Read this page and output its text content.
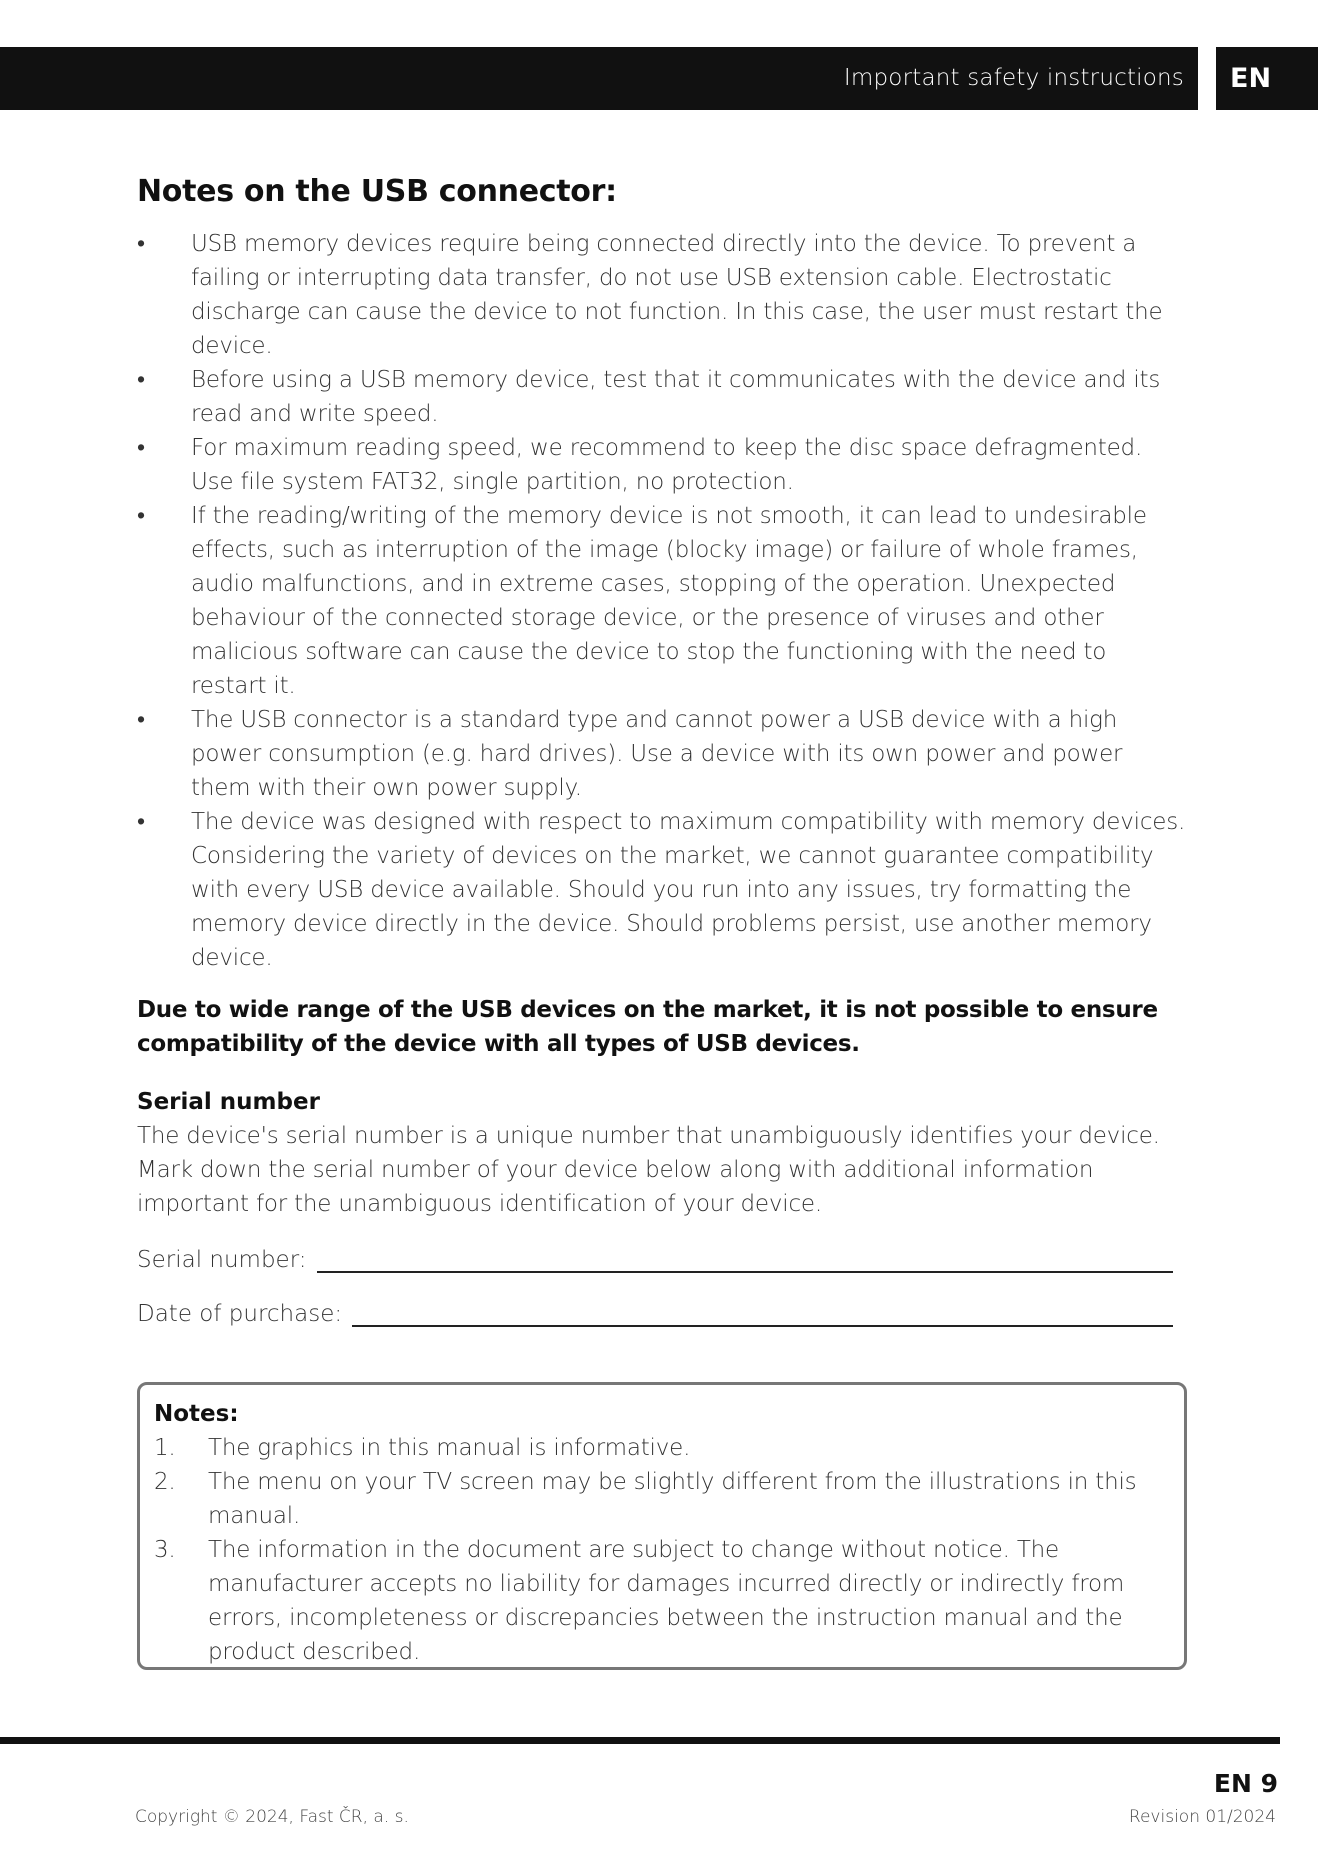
Important safety instructions EN
Notes on the USB connector:
•	USB memory devices require being connected directly into the device. To prevent a failing or interrupting data transfer, do not use USB extension cable. Electrostatic discharge can cause the device to not function. In this case, the user must restart the device.
•	Before using a USB memory device, test that it communicates with the device and its read and write speed.
•	For maximum reading speed, we recommend to keep the disc space defragmented. Use file system FAT32, single partition, no protection.
•	If the reading/writing of the memory device is not smooth, it can lead to undesirable effects, such as interruption of the image (blocky image) or failure of whole frames, audio malfunctions, and in extreme cases, stopping of the operation. Unexpected behaviour of the connected storage device, or the presence of viruses and other malicious software can cause the device to stop the functioning with the need to restart it.
•	The USB connector is a standard type and cannot power a USB device with a high power consumption (e.g. hard drives). Use a device with its own power and power them with their own power supply.
•	The device was designed with respect to maximum compatibility with memory devices. Considering the variety of devices on the market, we cannot guarantee compatibility with every USB device available. Should you run into any issues, try formatting the memory device directly in the device. Should problems persist, use another memory device.

Due to wide range of the USB devices on the market, it is not possible to ensure compatibility of the device with all types of USB devices.

Serial number

The device's serial number is a unique number that unambiguously identifies your device. Mark down the serial number of your device below along with additional information important for the unambiguous identification of your device.

Serial number:
Date of purchase:
Notes:
1. The graphics in this manual is informative.
2. The menu on your TV screen may be slightly different from the illustrations in this manual.
3. The information in the document are subject to change without notice. The manufacturer accepts no liability for damages incurred directly or indirectly from errors, incompleteness or discrepancies between the instruction manual and the product described.
EN 9
Copyright © 2024, Fast ČR, a. s.	Revision 01/2024
